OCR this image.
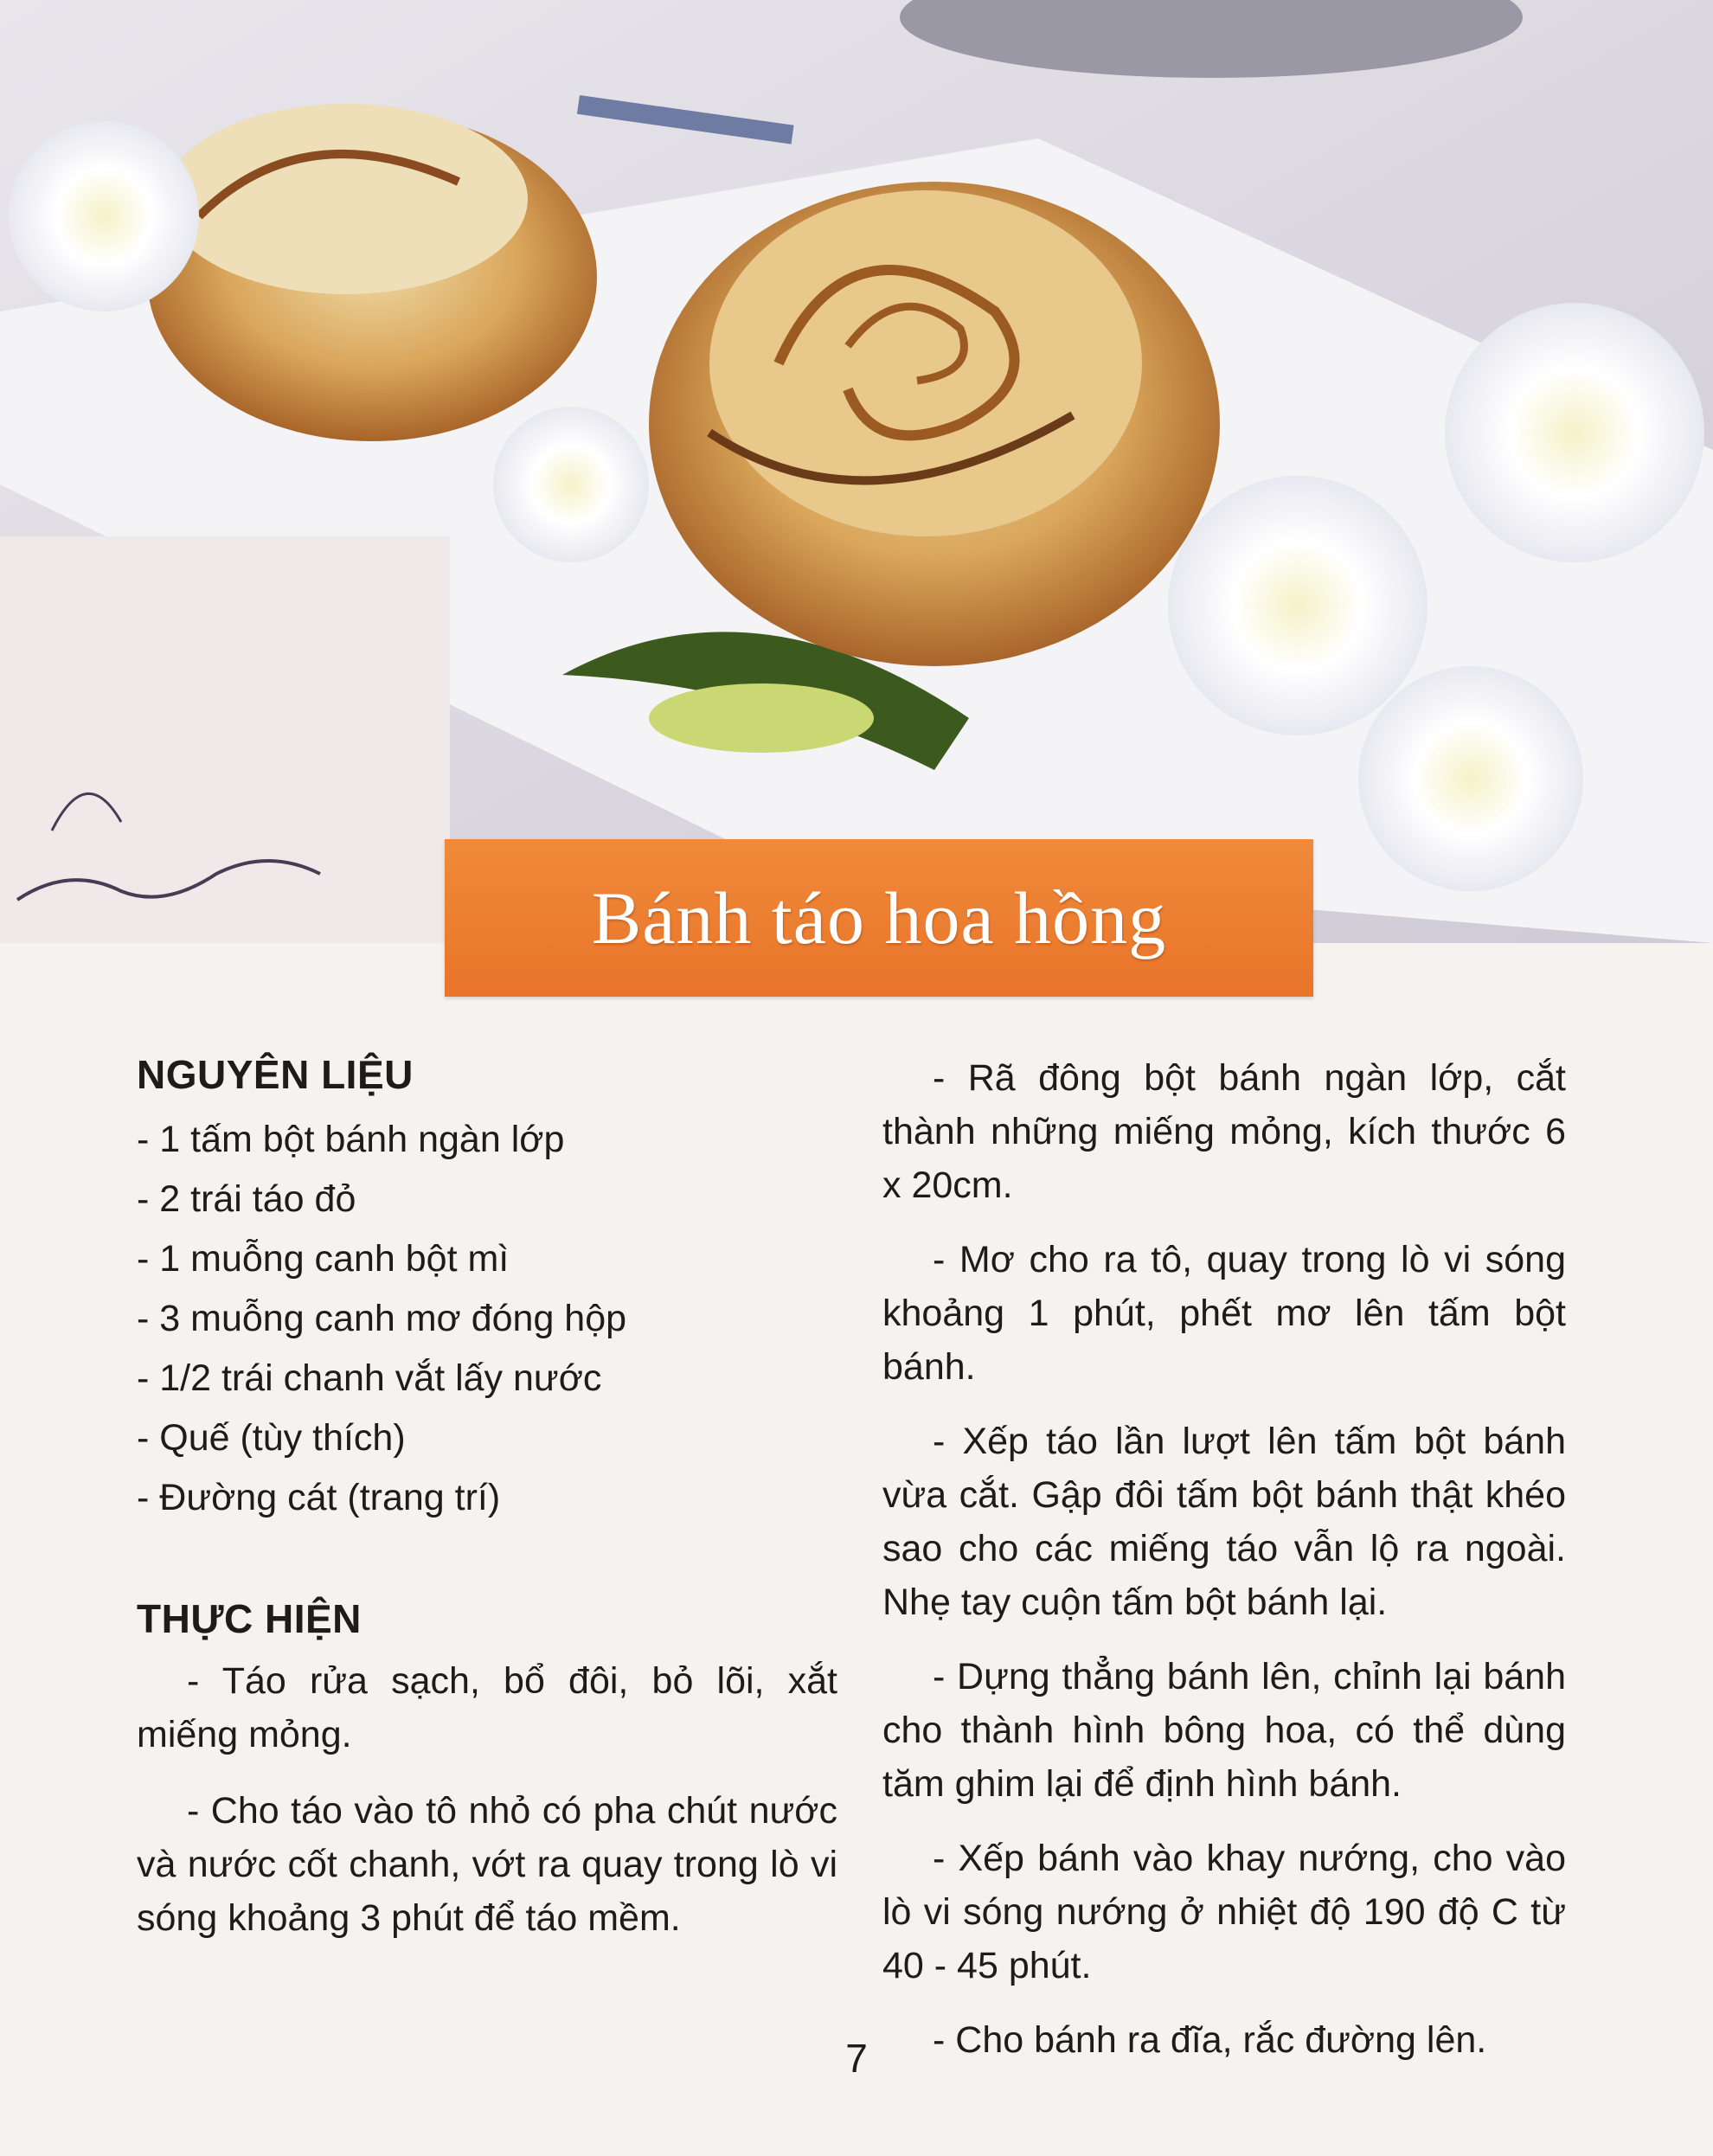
Bánh táo hoa hồng
NGUYÊN LIỆU
- 1 tấm bột bánh ngàn lớp
- 2 trái táo đỏ
- 1 muỗng canh bột mì
- 3 muỗng canh mơ đóng hộp
- 1/2 trái chanh vắt lấy nước
- Quế (tùy thích)
- Đường cát (trang trí)
THỰC HIỆN

- Táo rửa sạch, bổ đôi, bỏ lõi, xắt miếng mỏng.

- Cho táo vào tô nhỏ có pha chút nước và nước cốt chanh, vớt ra quay trong lò vi sóng khoảng 3 phút để táo mềm.

- Rã đông bột bánh ngàn lớp, cắt thành những miếng mỏng, kích thước 6 x 20cm.

- Mơ cho ra tô, quay trong lò vi sóng khoảng 1 phút, phết mơ lên tấm bột bánh.

- Xếp táo lần lượt lên tấm bột bánh vừa cắt. Gập đôi tấm bột bánh thật khéo sao cho các miếng táo vẫn lộ ra ngoài. Nhẹ tay cuộn tấm bột bánh lại.

- Dựng thẳng bánh lên, chỉnh lại bánh cho thành hình bông hoa, có thể dùng tăm ghim lại để định hình bánh.

- Xếp bánh vào khay nướng, cho vào lò vi sóng nướng ở nhiệt độ 190 độ C từ 40 - 45 phút.

- Cho bánh ra đĩa, rắc đường lên.

7
